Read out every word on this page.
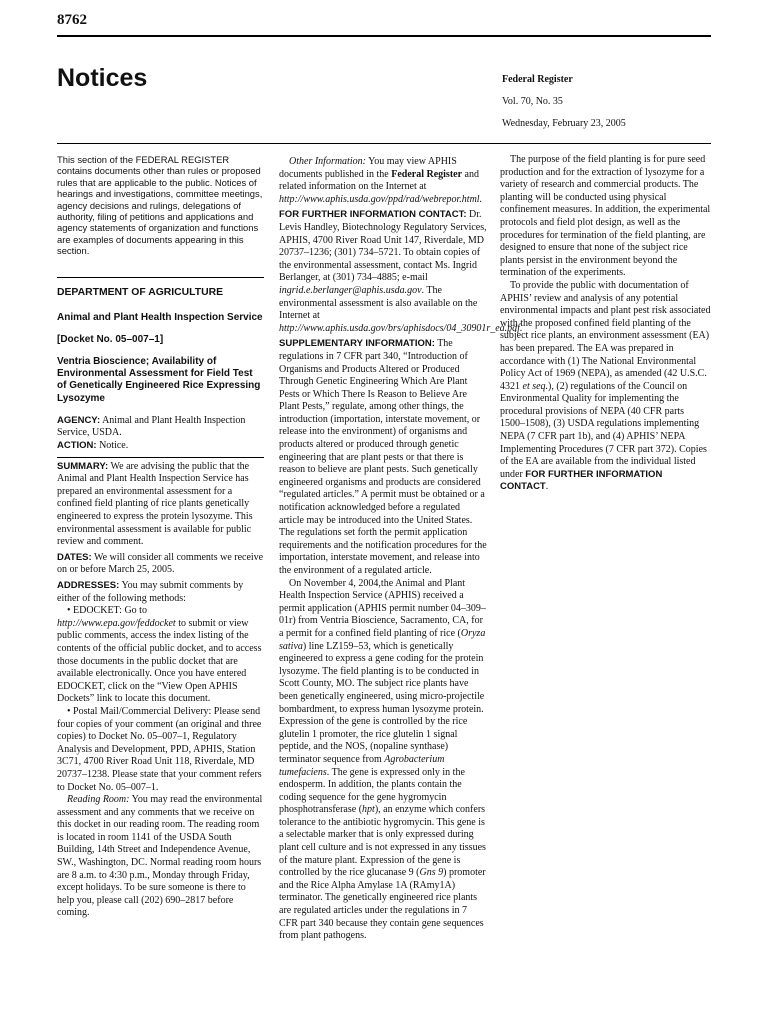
8762
Notices	Federal Register
Vol. 70, No. 35
Wednesday, February 23, 2005

This section of the FEDERAL REGISTER contains documents other than rules or proposed rules that are applicable to the public. Notices of hearings and investigations, committee meetings, agency decisions and rulings, delegations of authority, filing of petitions and applications and agency statements of organization and functions are examples of documents appearing in this section.

DEPARTMENT OF AGRICULTURE
Animal and Plant Health Inspection Service
[Docket No. 05–007–1]
Ventria Bioscience; Availability of Environmental Assessment for Field Test of Genetically Engineered Rice Expressing Lysozyme

AGENCY: Animal and Plant Health Inspection Service, USDA.

ACTION: Notice.

SUMMARY: We are advising the public that the Animal and Plant Health Inspection Service has prepared an environmental assessment for a confined field planting of rice plants genetically engineered to express the protein lysozyme. This environmental assessment is available for public review and comment.

DATES: We will consider all comments we receive on or before March 25, 2005.

ADDRESSES: You may submit comments by either of the following methods:

• EDOCKET: Go to http://www.epa.gov/feddocket to submit or view public comments, access the index listing of the contents of the official public docket, and to access those documents in the public docket that are available electronically. Once you have entered EDOCKET, click on the “View Open APHIS Dockets” link to locate this document.

• Postal Mail/Commercial Delivery: Please send four copies of your comment (an original and three copies) to Docket No. 05–007–1, Regulatory Analysis and Development, PPD, APHIS, Station 3C71, 4700 River Road Unit 118, Riverdale, MD 20737–1238. Please state that your comment refers to Docket No. 05–007–1.

Reading Room: You may read the environmental assessment and any comments that we receive on this docket in our reading room. The reading room is located in room 1141 of the USDA South Building, 14th Street and Independence Avenue, SW., Washington, DC. Normal reading room hours are 8 a.m. to 4:30 p.m., Monday through Friday, except holidays. To be sure someone is there to help you, please call (202) 690–2817 before coming.

Other Information: You may view APHIS documents published in the Federal Register and related information on the Internet at http://www.aphis.usda.gov/ppd/rad/webrepor.html.

FOR FURTHER INFORMATION CONTACT: Dr. Levis Handley, Biotechnology Regulatory Services, APHIS, 4700 River Road Unit 147, Riverdale, MD 20737–1236; (301) 734–5721. To obtain copies of the environmental assessment, contact Ms. Ingrid Berlanger, at (301) 734–4885; e-mail ingrid.e.berlanger@aphis.usda.gov. The environmental assessment is also available on the Internet at http://www.aphis.usda.gov/brs/aphisdocs/04_30901r_ea.pdf.

SUPPLEMENTARY INFORMATION: The regulations in 7 CFR part 340, “Introduction of Organisms and Products Altered or Produced Through Genetic Engineering Which Are Plant Pests or Which There Is Reason to Believe Are Plant Pests,” regulate, among other things, the introduction (importation, interstate movement, or release into the environment) of organisms and products altered or produced through genetic engineering that are plant pests or that there is reason to believe are plant pests. Such genetically engineered organisms and products are considered “regulated articles.” A permit must be obtained or a notification acknowledged before a regulated article may be introduced into the United States. The regulations set forth the permit application requirements and the notification procedures for the importation, interstate movement, and release into the environment of a regulated article.

On November 4, 2004,the Animal and Plant Health Inspection Service (APHIS) received a permit application (APHIS permit number 04–309–01r) from Ventria Bioscience, Sacramento, CA, for a permit for a confined field planting of rice (Oryza sativa) line LZ159–53, which is genetically engineered to express a gene coding for the protein lysozyme. The field planting is to be conducted in Scott County, MO. The subject rice plants have been genetically engineered, using micro-projectile bombardment, to express human lysozyme protein. Expression of the gene is controlled by the rice glutelin 1 promoter, the rice glutelin 1 signal peptide, and the NOS, (nopaline synthase) terminator sequence from Agrobacterium tumefaciens. The gene is expressed only in the endosperm. In addition, the plants contain the coding sequence for the gene hygromycin phosphotransferase (hpt), an enzyme which confers tolerance to the antibiotic hygromycin. This gene is a selectable marker that is only expressed during plant cell culture and is not expressed in any tissues of the mature plant. Expression of the gene is controlled by the rice glucanase 9 (Gns 9) promoter and the Rice Alpha Amylase 1A (RAmy1A) terminator. The genetically engineered rice plants are regulated articles under the regulations in 7 CFR part 340 because they contain gene sequences from plant pathogens.

The purpose of the field planting is for pure seed production and for the extraction of lysozyme for a variety of research and commercial products. The planting will be conducted using physical confinement measures. In addition, the experimental protocols and field plot design, as well as the procedures for termination of the field planting, are designed to ensure that none of the subject rice plants persist in the environment beyond the termination of the experiments.

To provide the public with documentation of APHIS’ review and analysis of any potential environmental impacts and plant pest risk associated with the proposed confined field planting of the subject rice plants, an environment assessment (EA) has been prepared. The EA was prepared in accordance with (1) The National Environmental Policy Act of 1969 (NEPA), as amended (42 U.S.C. 4321 et seq.), (2) regulations of the Council on Environmental Quality for implementing the procedural provisions of NEPA (40 CFR parts 1500–1508), (3) USDA regulations implementing NEPA (7 CFR part 1b), and (4) APHIS’ NEPA Implementing Procedures (7 CFR part 372). Copies of the EA are available from the individual listed under FOR FURTHER INFORMATION CONTACT.
